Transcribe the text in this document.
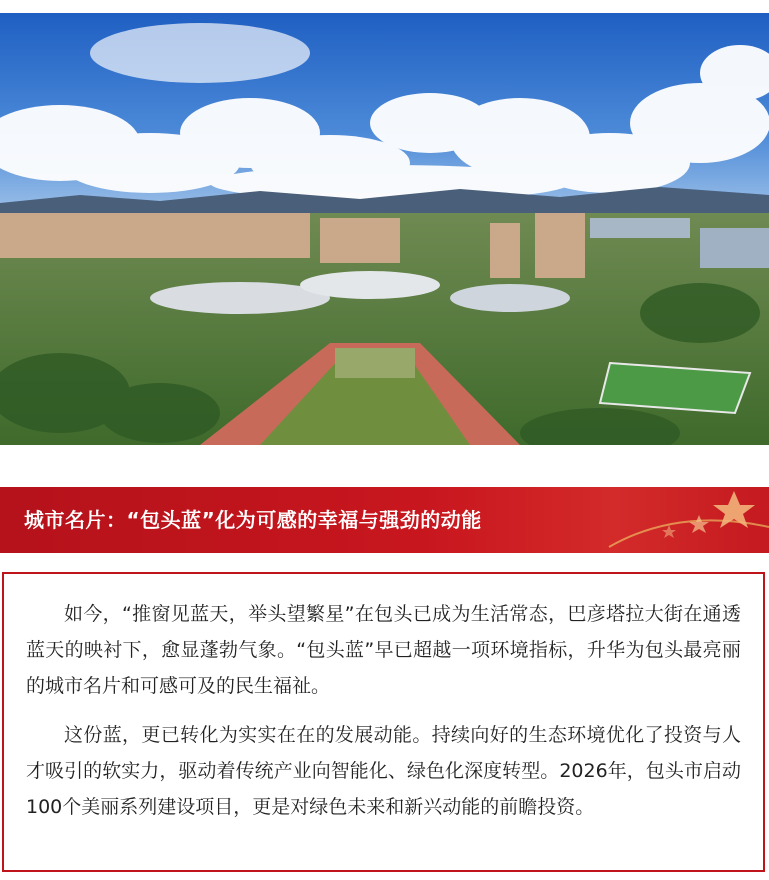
城市名片：“包头蓝”化为可感的幸福与强劲的动能

如今，“推窗见蓝天，举头望繁星”在包头已成为生活常态，巴彦塔拉大街在通透蓝天的映衬下，愈显蓬勃气象。“包头蓝”早已超越一项环境指标，升华为包头最亮丽的城市名片和可感可及的民生福祉。

这份蓝，更已转化为实实在在的发展动能。持续向好的生态环境优化了投资与人才吸引的软实力，驱动着传统产业向智能化、绿色化深度转型。2026年，包头市启动100个美丽系列建设项目，更是对绿色未来和新兴动能的前瞻投资。
